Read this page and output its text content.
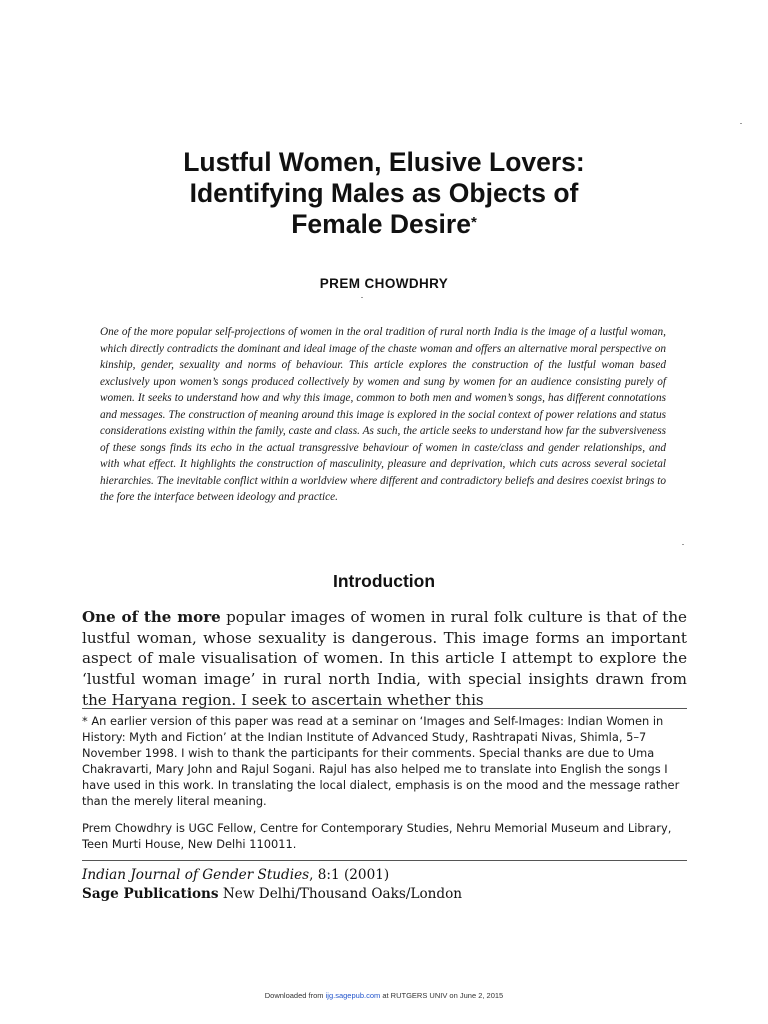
Lustful Women, Elusive Lovers:
Identifying Males as Objects of
Female Desire*
PREM CHOWDHRY
One of the more popular self-projections of women in the oral tradition of rural north India is the image of a lustful woman, which directly contradicts the dominant and ideal image of the chaste woman and offers an alternative moral perspective on kinship, gender, sexuality and norms of behaviour. This article explores the construction of the lustful woman based exclusively upon women’s songs produced collectively by women and sung by women for an audience consisting purely of women. It seeks to understand how and why this image, common to both men and women’s songs, has different connotations and messages. The construction of meaning around this image is explored in the social context of power relations and status considerations existing within the family, caste and class. As such, the article seeks to understand how far the subversiveness of these songs finds its echo in the actual transgressive behaviour of women in caste/class and gender relationships, and with what effect. It highlights the construction of masculinity, pleasure and deprivation, which cuts across several societal hierarchies. The inevitable conflict within a worldview where different and contradictory beliefs and desires coexist brings to the fore the interface between ideology and practice.
Introduction
One of the more popular images of women in rural folk culture is that of the lustful woman, whose sexuality is dangerous. This image forms an important aspect of male visualisation of women. In this article I attempt to explore the ‘lustful woman image’ in rural north India, with special insights drawn from the Haryana region. I seek to ascertain whether this
* An earlier version of this paper was read at a seminar on ‘Images and Self-Images: Indian Women in History: Myth and Fiction’ at the Indian Institute of Advanced Study, Rashtrapati Nivas, Shimla, 5–7 November 1998. I wish to thank the participants for their comments. Special thanks are due to Uma Chakravarti, Mary John and Rajul Sogani. Rajul has also helped me to translate into English the songs I have used in this work. In translating the local dialect, emphasis is on the mood and the message rather than the merely literal meaning.
Prem Chowdhry is UGC Fellow, Centre for Contemporary Studies, Nehru Memorial Museum and Library, Teen Murti House, New Delhi 110011.
Indian Journal of Gender Studies, 8:1 (2001)
Sage Publications New Delhi/Thousand Oaks/London
Downloaded from ijg.sagepub.com at RUTGERS UNIV on June 2, 2015
